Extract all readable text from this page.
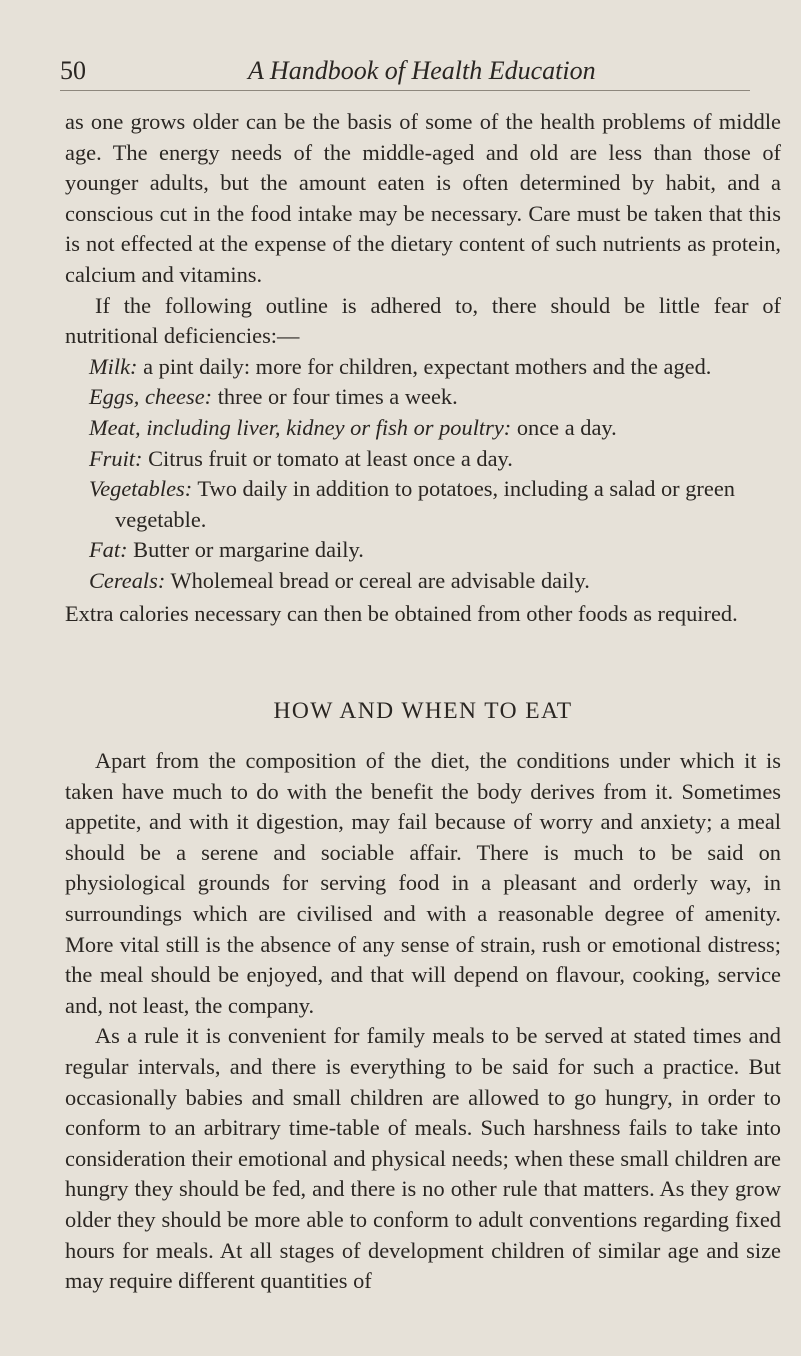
50	A Handbook of Health Education

as one grows older can be the basis of some of the health problems of middle age. The energy needs of the middle-aged and old are less than those of younger adults, but the amount eaten is often determined by habit, and a conscious cut in the food intake may be necessary. Care must be taken that this is not effected at the expense of the dietary content of such nutrients as protein, calcium and vitamins.

If the following outline is adhered to, there should be little fear of nutritional deficiencies:—

Milk: a pint daily: more for children, expectant mothers and the aged.
Eggs, cheese: three or four times a week.
Meat, including liver, kidney or fish or poultry: once a day.
Fruit: Citrus fruit or tomato at least once a day.
Vegetables: Two daily in addition to potatoes, including a salad or green vegetable.
Fat: Butter or margarine daily.
Cereals: Wholemeal bread or cereal are advisable daily.

Extra calories necessary can then be obtained from other foods as required.

HOW AND WHEN TO EAT

Apart from the composition of the diet, the conditions under which it is taken have much to do with the benefit the body derives from it. Sometimes appetite, and with it digestion, may fail because of worry and anxiety; a meal should be a serene and sociable affair. There is much to be said on physiological grounds for serving food in a pleasant and orderly way, in surroundings which are civilised and with a reasonable degree of amenity. More vital still is the absence of any sense of strain, rush or emotional distress; the meal should be enjoyed, and that will depend on flavour, cooking, service and, not least, the company.

As a rule it is convenient for family meals to be served at stated times and regular intervals, and there is everything to be said for such a practice. But occasionally babies and small children are allowed to go hungry, in order to conform to an arbitrary time-table of meals. Such harshness fails to take into consideration their emotional and physical needs; when these small children are hungry they should be fed, and there is no other rule that matters. As they grow older they should be more able to conform to adult conventions regarding fixed hours for meals. At all stages of development children of similar age and size may require different quantities of
